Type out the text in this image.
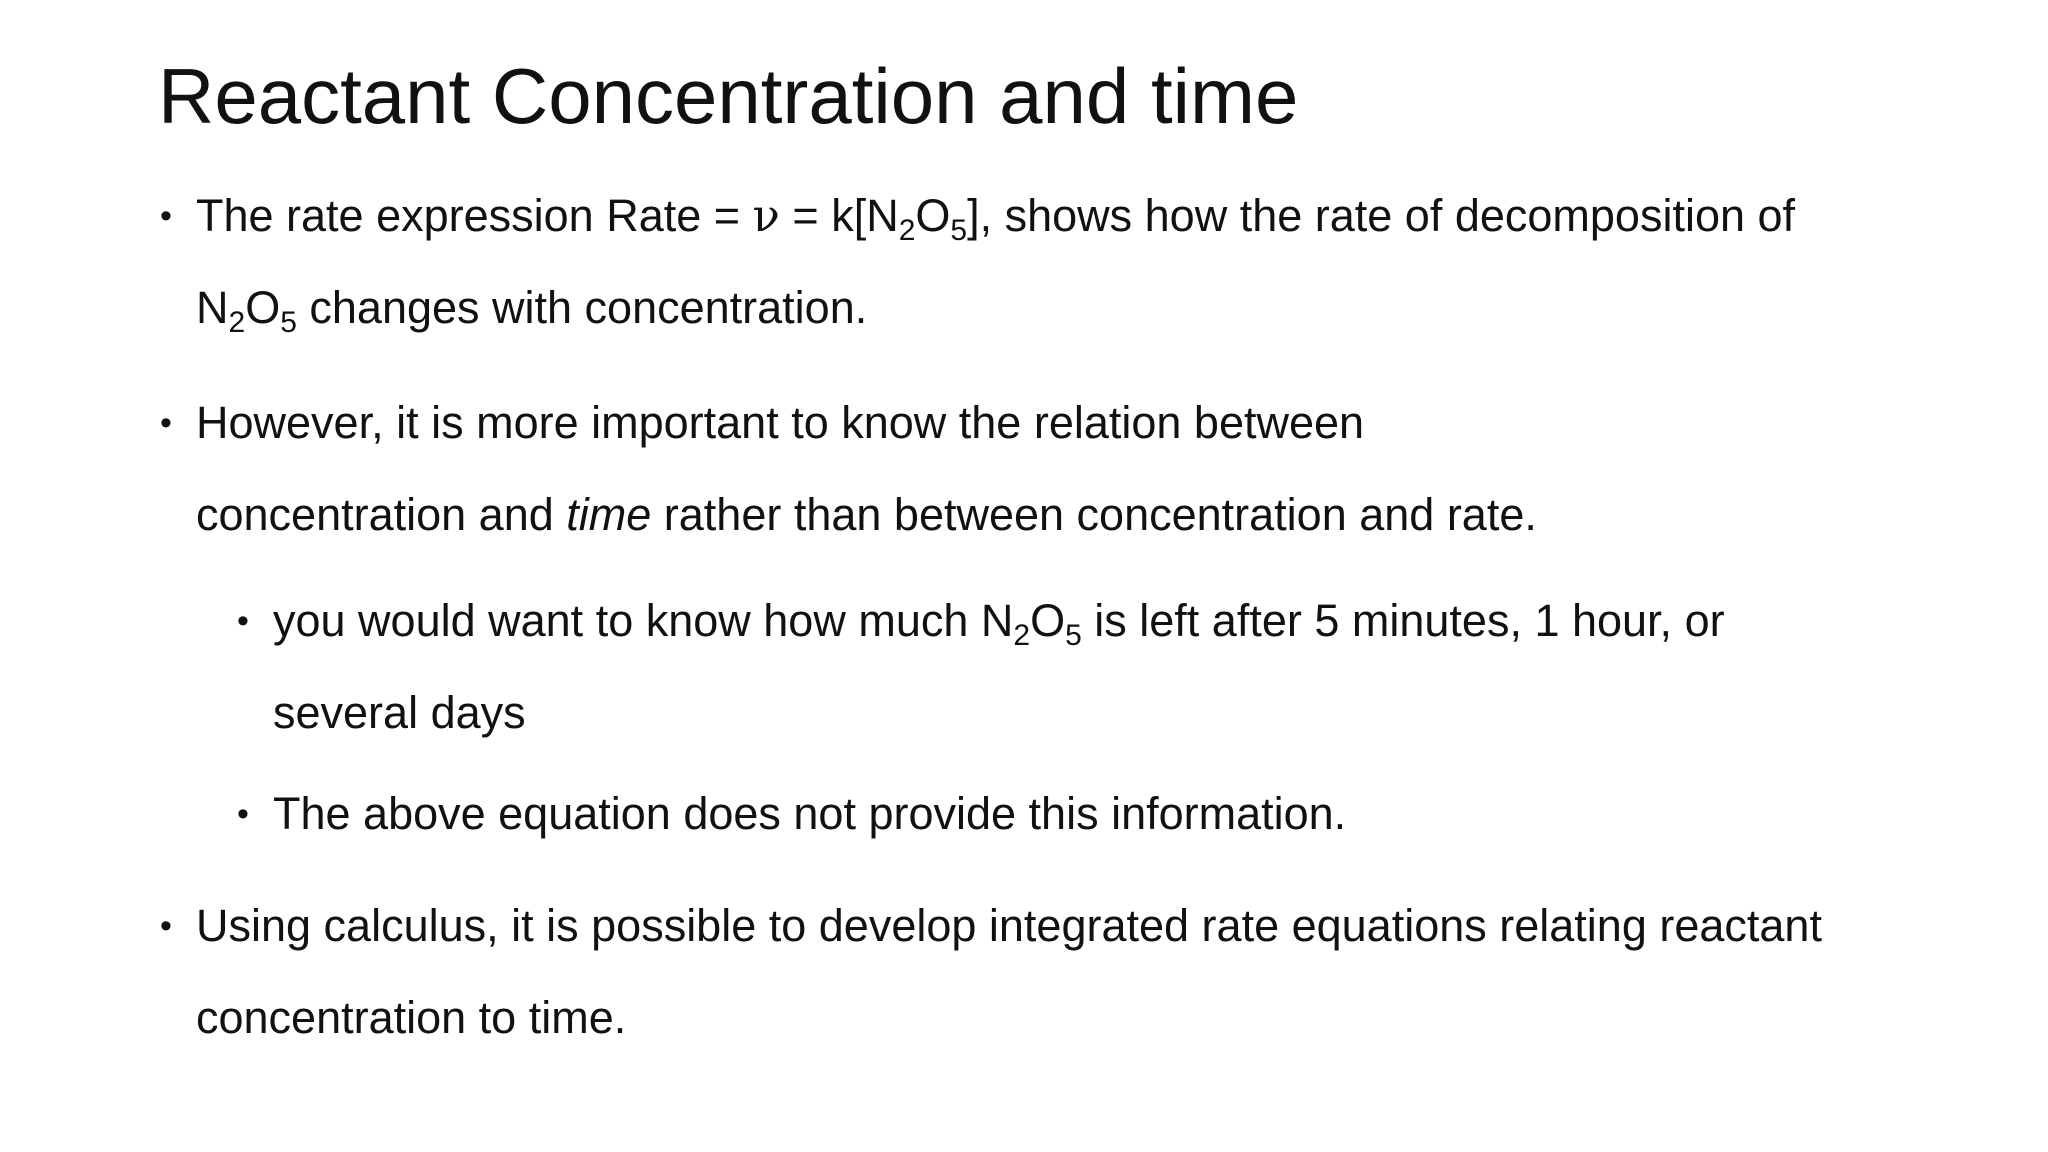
Reactant Concentration and time
• The rate expression Rate = $\nu = k[N_2O_5]$, shows how the rate of decomposition of
$N_2O_5$ changes with concentration.
• However, it is more important to know the relation between
concentration and time rather than between concentration and rate.
• you would want to know how much $N_2O_5$ is left after 5 minutes, 1 hour, or
several days
• The above equation does not provide this information.
• Using calculus, it is possible to develop integrated rate equations relating reactant
concentration to time.
